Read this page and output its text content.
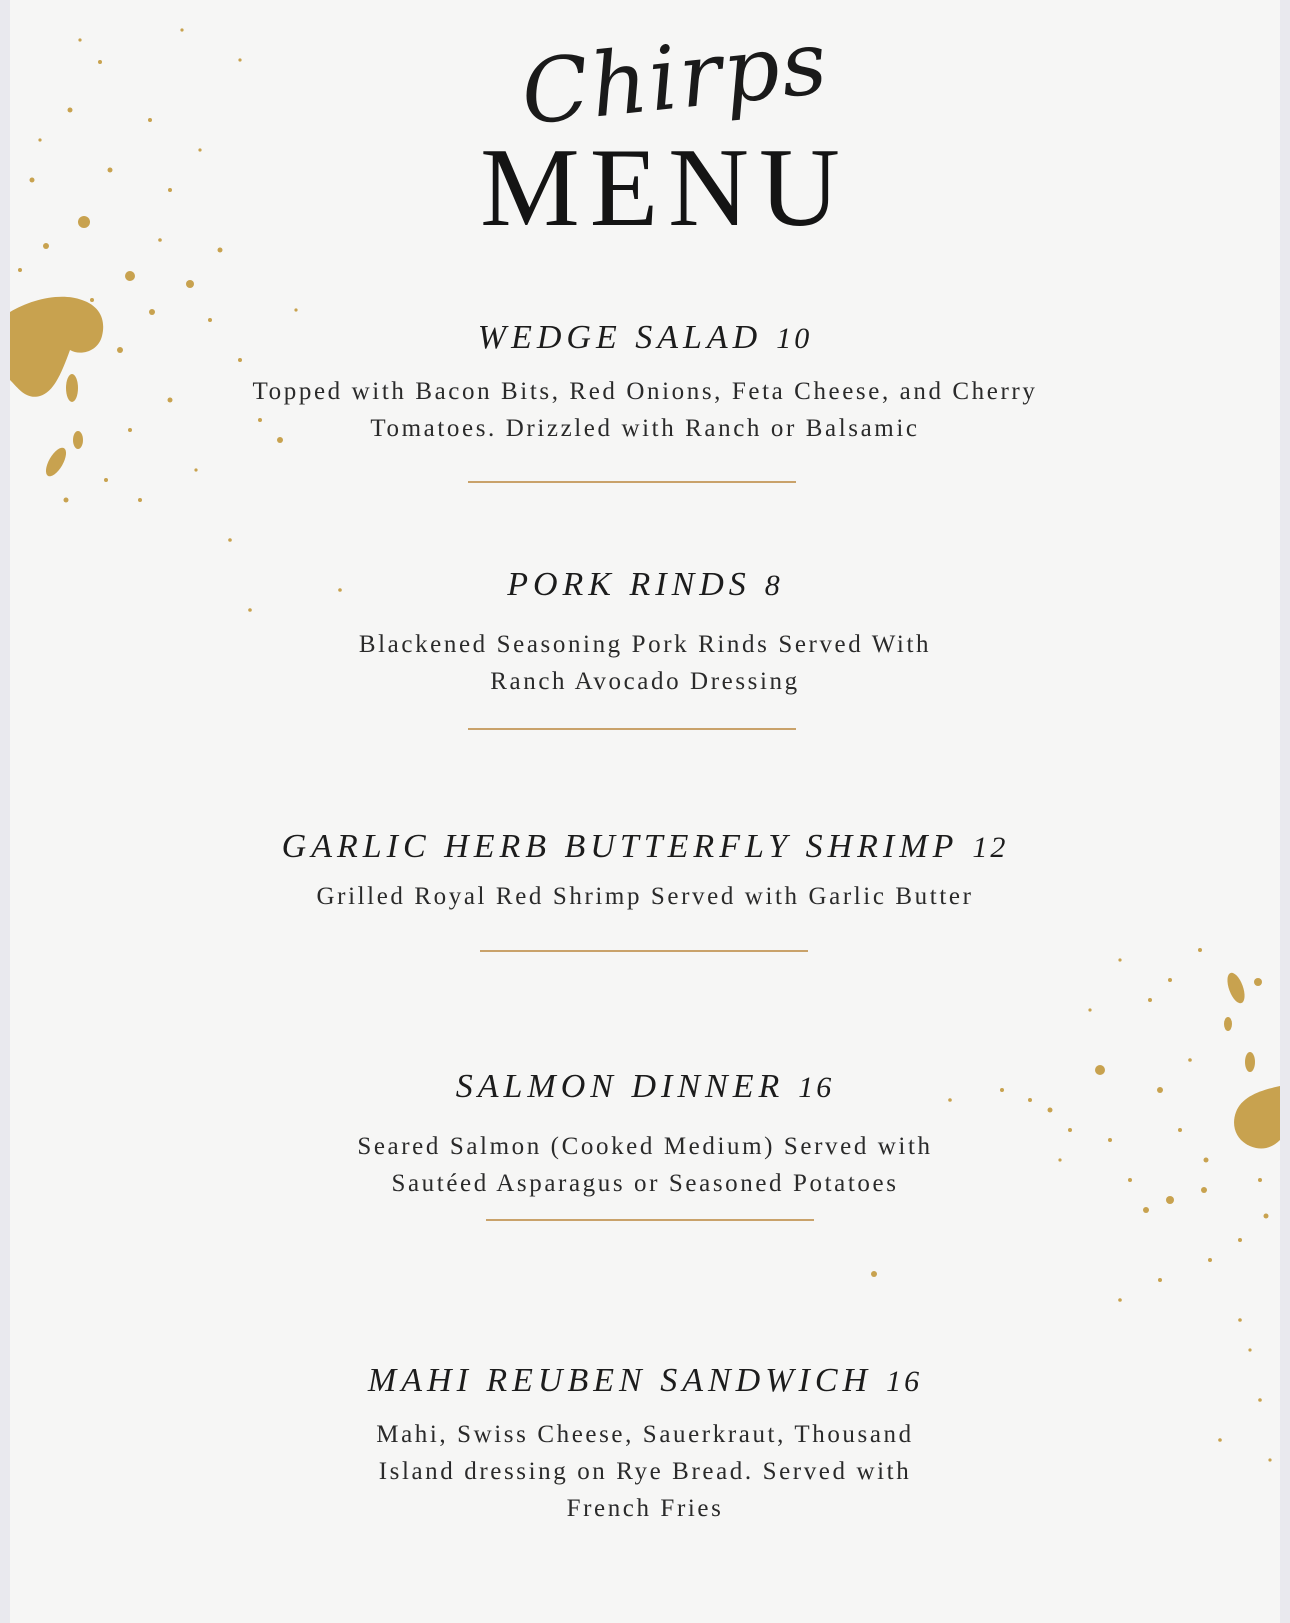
Chirps
MENU

WEDGE SALAD 10

Topped with Bacon Bits, Red Onions, Feta Cheese, and Cherry

Tomatoes. Drizzled with Ranch or Balsamic

PORK RINDS 8

Blackened Seasoning Pork Rinds Served With

Ranch Avocado Dressing

GARLIC HERB BUTTERFLY SHRIMP 12

Grilled Royal Red Shrimp Served with Garlic Butter

SALMON DINNER 16

Seared Salmon (Cooked Medium) Served with

Sautéed Asparagus or Seasoned Potatoes

MAHI REUBEN SANDWICH 16

Mahi, Swiss Cheese, Sauerkraut, Thousand

Island dressing on Rye Bread. Served with

French Fries
